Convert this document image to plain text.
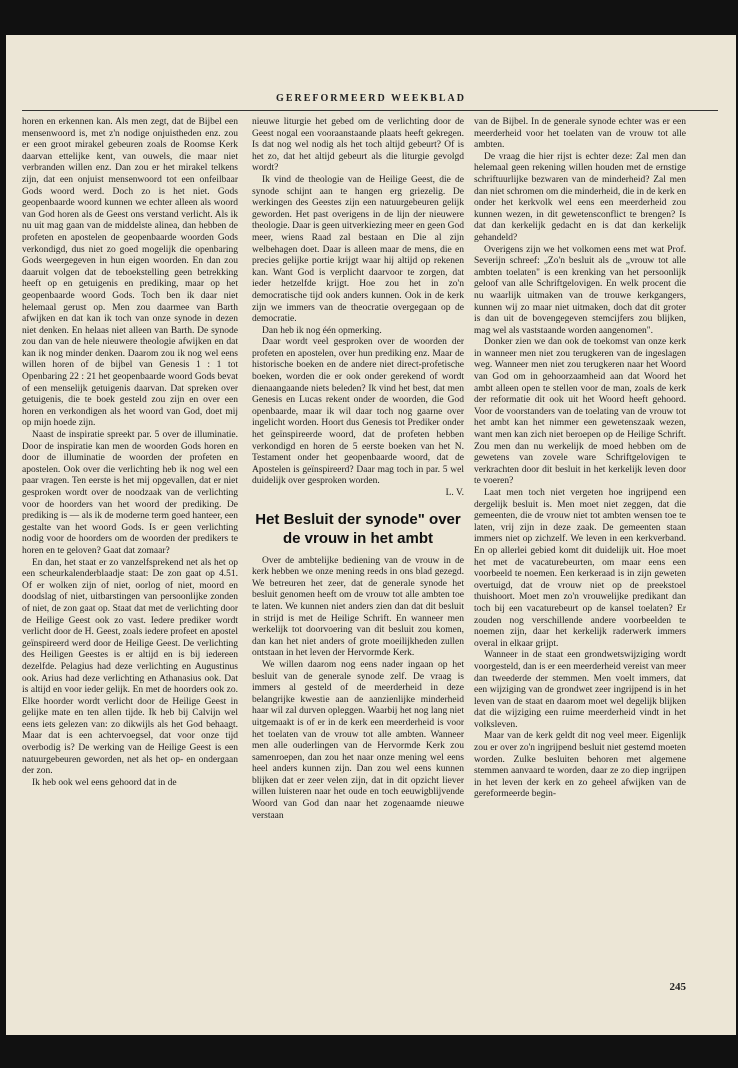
GEREFORMEERD WEEKBLAD

horen en erkennen kan. Als men zegt, dat de Bijbel een mensenwoord is, met z'n nodige onjuistheden enz. zou er een groot mirakel gebeuren zoals de Roomse Kerk daarvan ettelijke kent, van ouwels, die maar niet verbranden willen enz. Dan zou er het mirakel telkens zijn, dat een onjuist mensenwoord tot een onfeilbaar Gods woord werd. Doch zo is het niet. Gods geopenbaarde woord kunnen we echter alleen als woord van God horen als de Geest ons verstand verlicht. Als ik nu uit mag gaan van de middelste alinea, dan hebben de profeten en apostelen de geopenbaarde woorden Gods verkondigd, dus niet zo goed mogelijk die openbaring Gods weergegeven in hun eigen woorden. En dan zou daaruit volgen dat de teboekstelling geen betrekking heeft op en getuigenis en prediking, maar op het geopenbaarde woord Gods. Toch ben ik daar niet helemaal gerust op. Men zou daarmee van Barth afwijken en dat kan ik toch van onze synode in dezen niet denken. En helaas niet alleen van Barth. De synode zou dan van de hele nieuwere theologie afwijken en dat kan ik nog minder denken. Daarom zou ik nog wel eens willen horen of de bijbel van Genesis 1 : 1 tot Openbaring 22 : 21 het geopenbaarde woord Gods bevat of een menselijk getuigenis daarvan. Dat spreken over getuigenis, die te boek gesteld zou zijn en over een horen en verkondigen als het woord van God, doet mij op mijn hoede zijn.

Naast de inspiratie spreekt par. 5 over de illuminatie. Door de inspiratie kan men de woorden Gods horen en door de illuminatie de woorden der profeten en apostelen. Ook over die verlichting heb ik nog wel een paar vragen. Ten eerste is het mij opgevallen, dat er niet gesproken wordt over de noodzaak van de verlichting voor de hoorders van het woord der prediking. De prediking is — als ik de moderne term goed hanteer, een gestalte van het woord Gods. Is er geen verlichting nodig voor de hoorders om de woorden der predikers te horen en te geloven? Gaat dat zomaar?

En dan, het staat er zo vanzelfsprekend net als het op een scheurkalenderblaadje staat: De zon gaat op 4.51. Of er wolken zijn of niet, oorlog of niet, moord en doodslag of niet, uitbarstingen van persoonlijke zonden of niet, de zon gaat op. Staat dat met de verlichting door de Heilige Geest ook zo vast. Iedere prediker wordt verlicht door de H. Geest, zoals iedere profeet en apostel geïnspireerd werd door de Heilige Geest. De verlichting des Heiligen Geestes is er altijd en is bij iedereen dezelfde. Pelagius had deze verlichting en Augustinus ook. Arius had deze verlichting en Athanasius ook. Dat is altijd en voor ieder gelijk. En met de hoorders ook zo. Elke hoorder wordt verlicht door de Heilige Geest in gelijke mate en ten allen tijde. Ik heb bij Calvijn wel eens iets gelezen van: zo dikwijls als het God behaagt. Maar dat is een achtervoegsel, dat voor onze tijd overbodig is? De werking van de Heilige Geest is een natuurgebeuren geworden, net als het op- en ondergaan der zon.

Ik heb ook wel eens gehoord dat in de

nieuwe liturgie het gebed om de verlichting door de Geest nogal een vooraanstaande plaats heeft gekregen. Is dat nog wel nodig als het toch altijd gebeurt? Of is het zo, dat het altijd gebeurt als die liturgie gevolgd wordt?

Ik vind de theologie van de Heilige Geest, die de synode schijnt aan te hangen erg griezelig. De werkingen des Geestes zijn een natuurgebeuren gelijk geworden. Het past overigens in de lijn der nieuwere theologie. Daar is geen uitverkiezing meer en geen God meer, wiens Raad zal bestaan en Die al zijn welbehagen doet. Daar is alleen maar de mens, die en precies gelijke portie krijgt waar hij altijd op rekenen kan. Want God is verplicht daarvoor te zorgen, dat ieder hetzelfde krijgt. Hoe zou het in zo'n democratische tijd ook anders kunnen. Ook in de kerk zijn we immers van de theocratie overgegaan op de democratie.

Dan heb ik nog één opmerking.

Daar wordt veel gesproken over de woorden der profeten en apostelen, over hun prediking enz. Maar de historische boeken en de andere niet direct-profetische boeken, worden die er ook onder gerekend of wordt dienaangaande niets beleden? Ik vind het best, dat men Genesis en Lucas rekent onder de woorden, die God openbaarde, maar ik wil daar toch nog gaarne over ingelicht worden. Hoort dus Genesis tot Prediker onder het geïnspireerde woord, dat de profeten hebben verkondigd en horen de 5 eerste boeken van het N. Testament onder het geopenbaarde woord, dat de Apostelen is geïnspireerd? Daar mag toch in par. 5 wel duidelijk over gesproken worden.

L. V.
Het Besluit der synode" over
de vrouw in het ambt

Over de ambtelijke bediening van de vrouw in de kerk hebben we onze mening reeds in ons blad gezegd. We betreuren het zeer, dat de generale synode het besluit genomen heeft om de vrouw tot alle ambten toe te laten. We kunnen niet anders zien dan dat dit besluit in strijd is met de Heilige Schrift. En wanneer men werkelijk tot doorvoering van dit besluit zou komen, dan kan het niet anders of grote moeilijkheden zullen ontstaan in het leven der Hervormde Kerk.

We willen daarom nog eens nader ingaan op het besluit van de generale synode zelf. De vraag is immers al gesteld of de meerderheid in deze belangrijke kwestie aan de aanzienlijke minderheid haar wil zal durven opleggen. Waarbij het nog lang niet uitgemaakt is of er in de kerk een meerderheid is voor het toelaten van de vrouw tot alle ambten. Wanneer men alle ouderlingen van de Hervormde Kerk zou samenroepen, dan zou het naar onze mening wel eens heel anders kunnen zijn. Dan zou wel eens kunnen blijken dat er zeer velen zijn, dat in dit opzicht liever willen luisteren naar het oude en toch eeuwigblijvende Woord van God dan naar het zogenaamde nieuwe verstaan

van de Bijbel. In de generale synode echter was er een meerderheid voor het toelaten van de vrouw tot alle ambten.

De vraag die hier rijst is echter deze: Zal men dan helemaal geen rekening willen houden met de ernstige schriftuurlijke bezwaren van de minderheid? Zal men dan niet schromen om die minderheid, die in de kerk en onder het kerkvolk wel eens een meerderheid zou kunnen wezen, in dit gewetensconflict te brengen? Is dat dan kerkelijk gedacht en is dat dan kerkelijk gehandeld?

Overigens zijn we het volkomen eens met wat Prof. Severijn schreef: „Zo'n besluit als de „vrouw tot alle ambten toelaten" is een krenking van het persoonlijk geloof van alle Schriftgelovigen. En welk procent die nu waarlijk uitmaken van de trouwe kerkgangers, kunnen wij zo maar niet uitmaken, doch dat dit groter is dan uit de bovengegeven stemcijfers zou blijken, mag wel als vaststaande worden aangenomen".

Donker zien we dan ook de toekomst van onze kerk in wanneer men niet zou terugkeren van de ingeslagen weg. Wanneer men niet zou terugkeren naar het Woord van God om in gehoorzaamheid aan dat Woord het ambt alleen open te stellen voor de man, zoals de kerk der reformatie dit ook uit het Woord heeft gehoord. Voor de voorstanders van de toelating van de vrouw tot het ambt kan het nimmer een gewetenszaak wezen, want men kan zich niet beroepen op de Heilige Schrift. Zou men dan nu werkelijk de moed hebben om de gewetens van zovele ware Schriftgelovigen te verkrachten door dit besluit in het kerkelijk leven door te voeren?

Laat men toch niet vergeten hoe ingrijpend een dergelijk besluit is. Men moet niet zeggen, dat die gemeenten, die de vrouw niet tot ambten wensen toe te laten, vrij zijn in deze zaak. De gemeenten staan immers niet op zichzelf. We leven in een kerkverband. En op allerlei gebied komt dit duidelijk uit. Hoe moet het met de vacaturebeurten, om maar eens een voorbeeld te noemen. Een kerkeraad is in zijn geweten overtuigd, dat de vrouw niet op de preekstoel thuishoort. Moet men zo'n vrouwelijke predikant dan toch bij een vacaturebeurt op de kansel toelaten? Er zouden nog verschillende andere voorbeelden te noemen zijn, daar het kerkelijk raderwerk immers overal in elkaar grijpt.

Wanneer in de staat een grondwetswijziging wordt voorgesteld, dan is er een meerderheid vereist van meer dan tweederde der stemmen. Men voelt immers, dat een wijziging van de grondwet zeer ingrijpend is in het leven van de staat en daarom moet wel degelijk blijken dat die wijziging een ruime meerderheid vindt in het volksleven.

Maar van de kerk geldt dit nog veel meer. Eigenlijk zou er over zo'n ingrijpend besluit niet gestemd moeten worden. Zulke besluiten behoren met algemene stemmen aanvaard te worden, daar ze zo diep ingrijpen in het leven der kerk en zo geheel afwijken van de gereformeerde begin-

245
